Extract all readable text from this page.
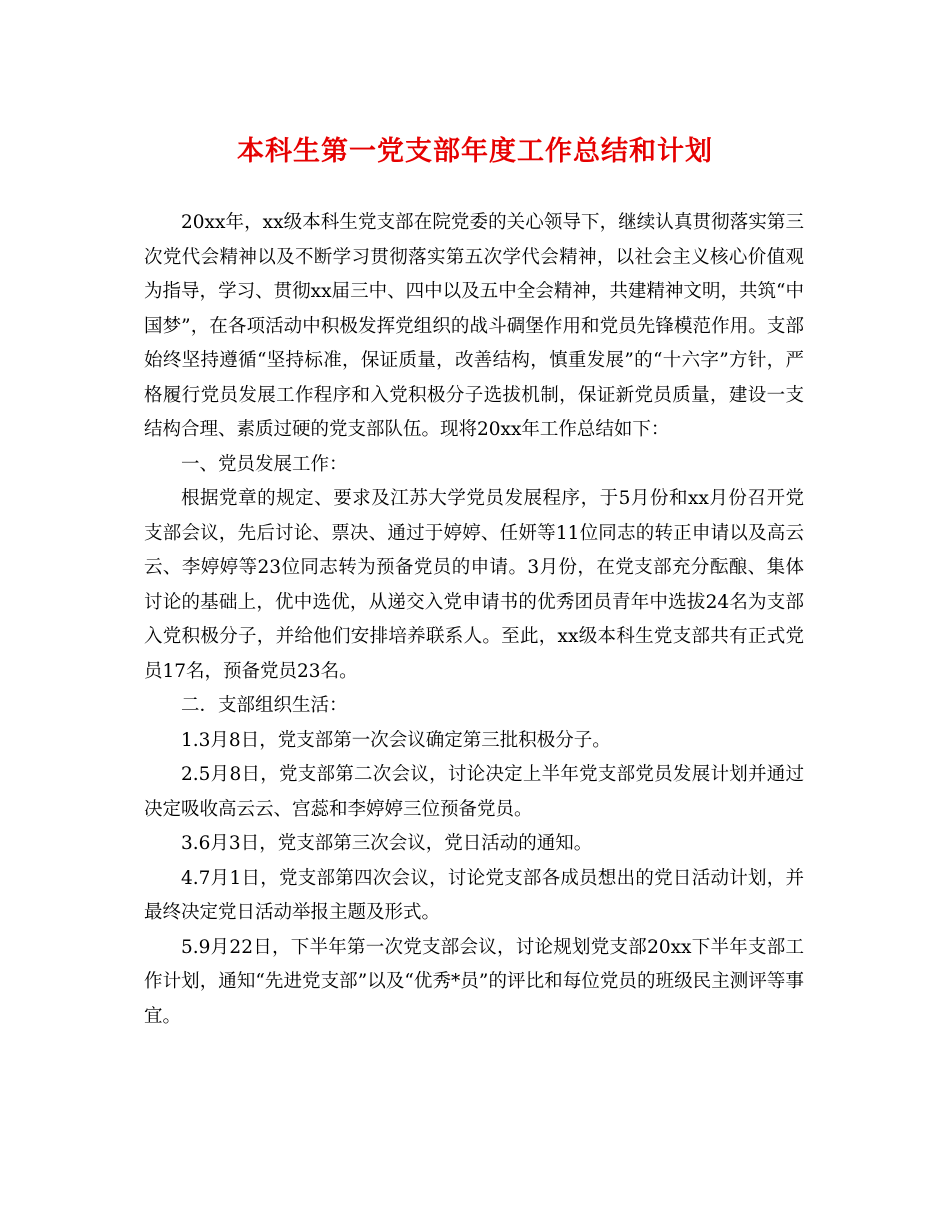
本科生第一党支部年度工作总结和计划

20xx年，xx级本科生党支部在院党委的关心领导下，继续认真贯彻落实第三次党代会精神以及不断学习贯彻落实第五次学代会精神，以社会主义核心价值观为指导，学习、贯彻xx届三中、四中以及五中全会精神，共建精神文明，共筑“中国梦”，在各项活动中积极发挥党组织的战斗碉堡作用和党员先锋模范作用。支部始终坚持遵循“坚持标准，保证质量，改善结构，慎重发展”的“十六字”方针，严格履行党员发展工作程序和入党积极分子选拔机制，保证新党员质量，建设一支结构合理、素质过硬的党支部队伍。现将20xx年工作总结如下：

一、党员发展工作：

根据党章的规定、要求及江苏大学党员发展程序，于5月份和xx月份召开党支部会议，先后讨论、票决、通过于婷婷、任妍等11位同志的转正申请以及高云云、李婷婷等23位同志转为预备党员的申请。3月份，在党支部充分酝酿、集体讨论的基础上，优中选优，从递交入党申请书的优秀团员青年中选拔24名为支部入党积极分子，并给他们安排培养联系人。至此，xx级本科生党支部共有正式党员17名，预备党员23名。

二．支部组织生活：

1.3月8日，党支部第一次会议确定第三批积极分子。

2.5月8日，党支部第二次会议，讨论决定上半年党支部党员发展计划并通过决定吸收高云云、宫蕊和李婷婷三位预备党员。

3.6月3日，党支部第三次会议，党日活动的通知。

4.7月1日，党支部第四次会议，讨论党支部各成员想出的党日活动计划，并最终决定党日活动举报主题及形式。

5.9月22日，下半年第一次党支部会议，讨论规划党支部20xx下半年支部工作计划，通知“先进党支部”以及“优秀*员”的评比和每位党员的班级民主测评等事宜。
